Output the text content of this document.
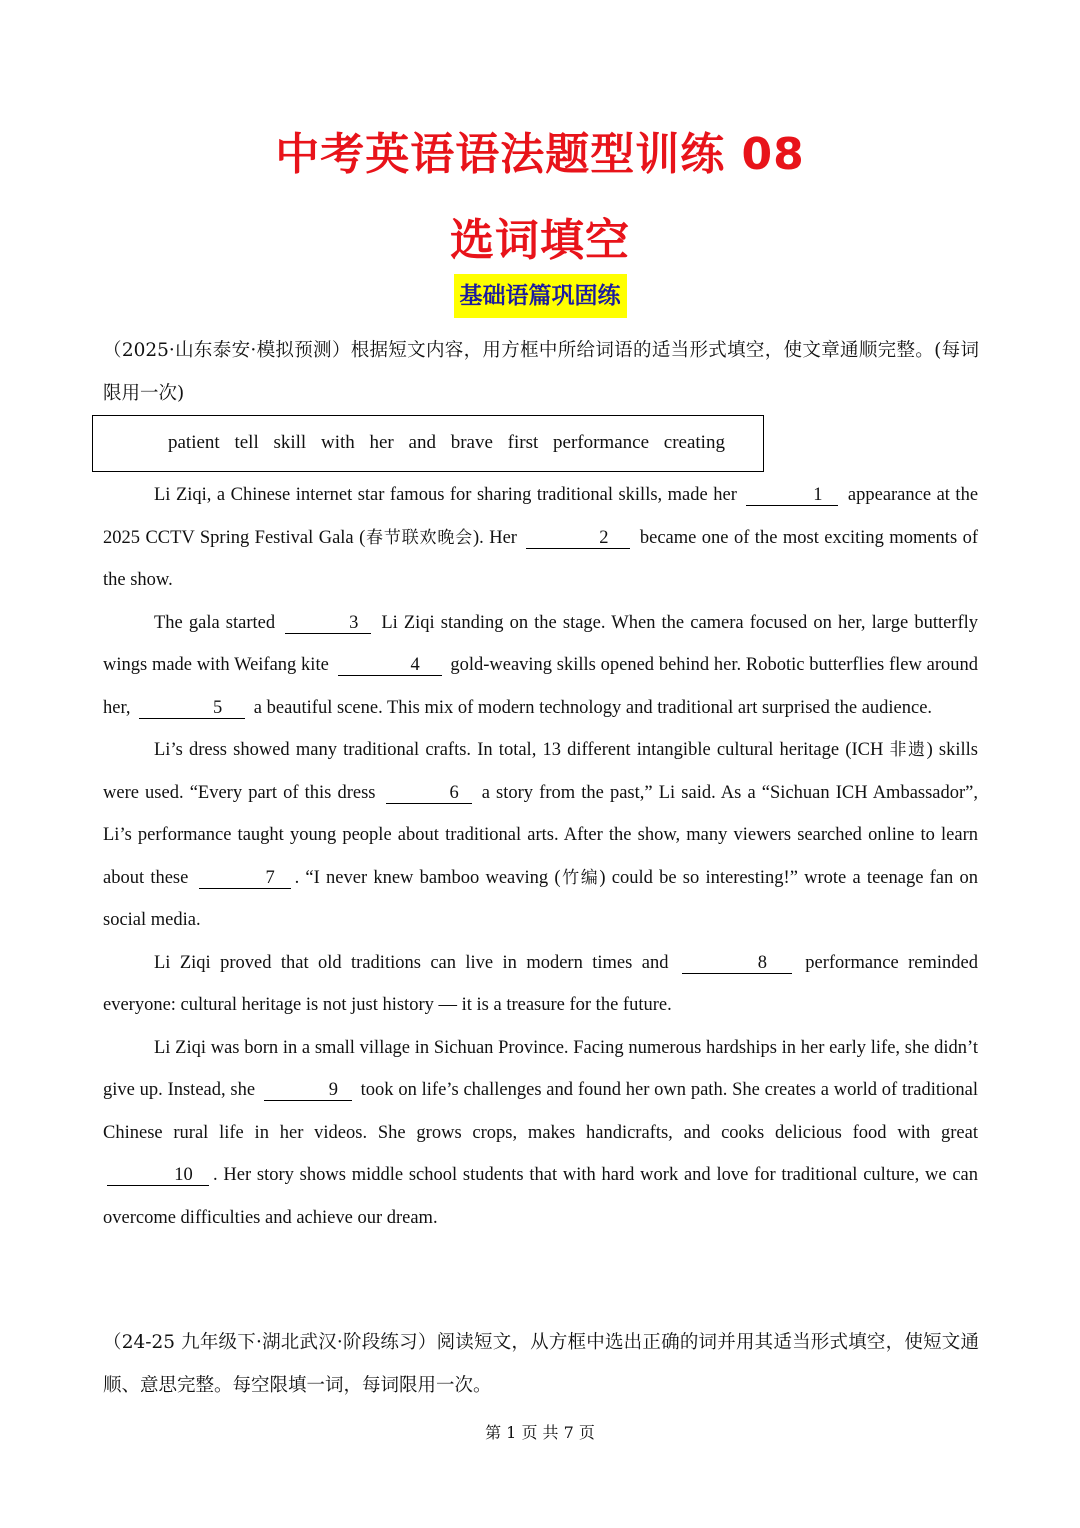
中考英语语法题型训练 08
选词填空
基础语篇巩固练
（2025·山东泰安·模拟预测）根据短文内容，用方框中所给词语的适当形式填空，使文章通顺完整。(每词限用一次)
patient tell skill with her and brave first performance creating

Li Ziqi, a Chinese internet star famous for sharing traditional skills, made her	1 appearance at the 2025 CCTV Spring Festival Gala (春节联欢晚会). Her	2 became one of the most exciting moments of the show.

The gala started	3 Li Ziqi standing on the stage. When the camera focused on her, large butterfly wings made with Weifang kite	4 gold-weaving skills opened behind her. Robotic butterflies flew around her,	5 a beautiful scene. This mix of modern technology and traditional art surprised the audience.

Li’s dress showed many traditional crafts. In total, 13 different intangible cultural heritage (ICH 非遗) skills were used. “Every part of this dress	6 a story from the past,” Li said. As a “Sichuan ICH Ambassador”, Li’s performance taught young people about traditional arts. After the show, many viewers searched online to learn about these	7 . “I never knew bamboo weaving (竹编) could be so interesting!” wrote a teenage fan on social media.

Li Ziqi proved that old traditions can live in modern times and	8 performance reminded everyone: cultural heritage is not just history — it is a treasure for the future.

Li Ziqi was born in a small village in Sichuan Province. Facing numerous hardships in her early life, she didn’t give up. Instead, she	9 took on life’s challenges and found her own path. She creates a world of traditional Chinese rural life in her videos. She grows crops, makes handicrafts, and cooks delicious food with great 10 . Her story shows middle school students that with hard work and love for traditional culture, we can overcome difficulties and achieve our dream.

（24-25 九年级下·湖北武汉·阶段练习）阅读短文，从方框中选出正确的词并用其适当形式填空，使短文通顺、意思完整。每空限填一词，每词限用一次。
第 1 页 共 7 页
